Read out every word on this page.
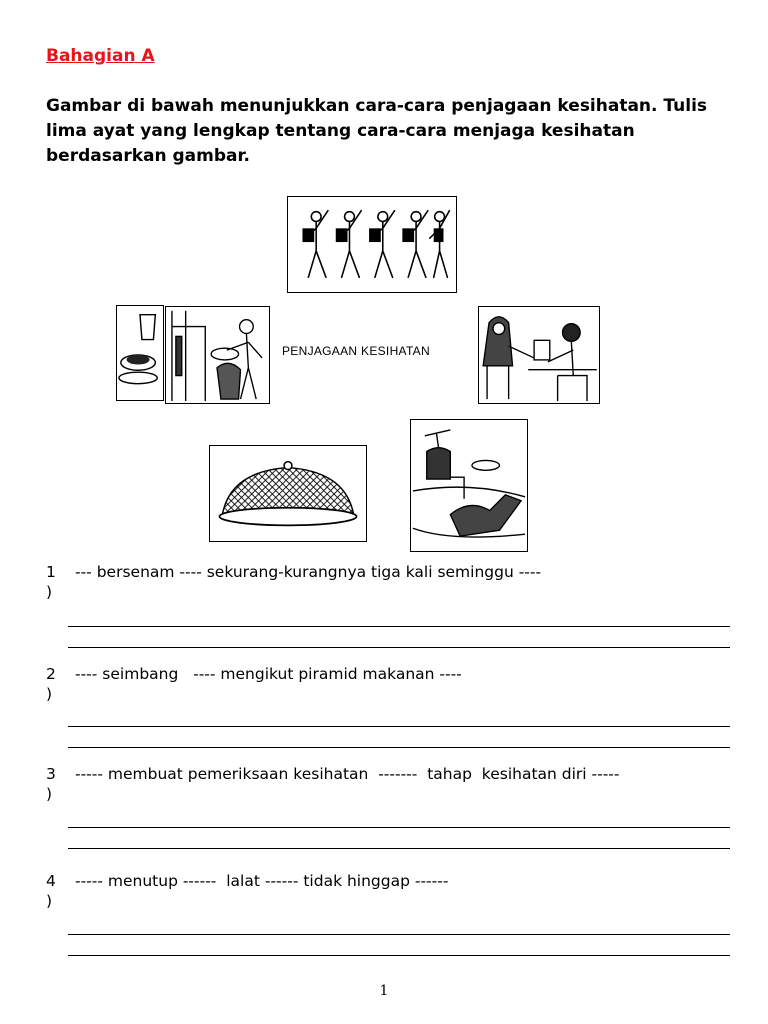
Bahagian A

Gambar di bawah menunjukkan cara-cara penjagaan kesihatan. Tulis lima ayat yang lengkap tentang cara-cara menjaga kesihatan berdasarkan gambar.

PENJAGAAN KESIHATAN
1
)
--- bersenam ---- sekurang-kurangnya tiga kali seminggu ----
2
)
---- seimbang   ---- mengikut piramid makanan ----
3
)
----- membuat pemeriksaan kesihatan  -------  tahap  kesihatan diri -----
4
)
----- menutup ------  lalat ------ tidak hinggap ------
1
